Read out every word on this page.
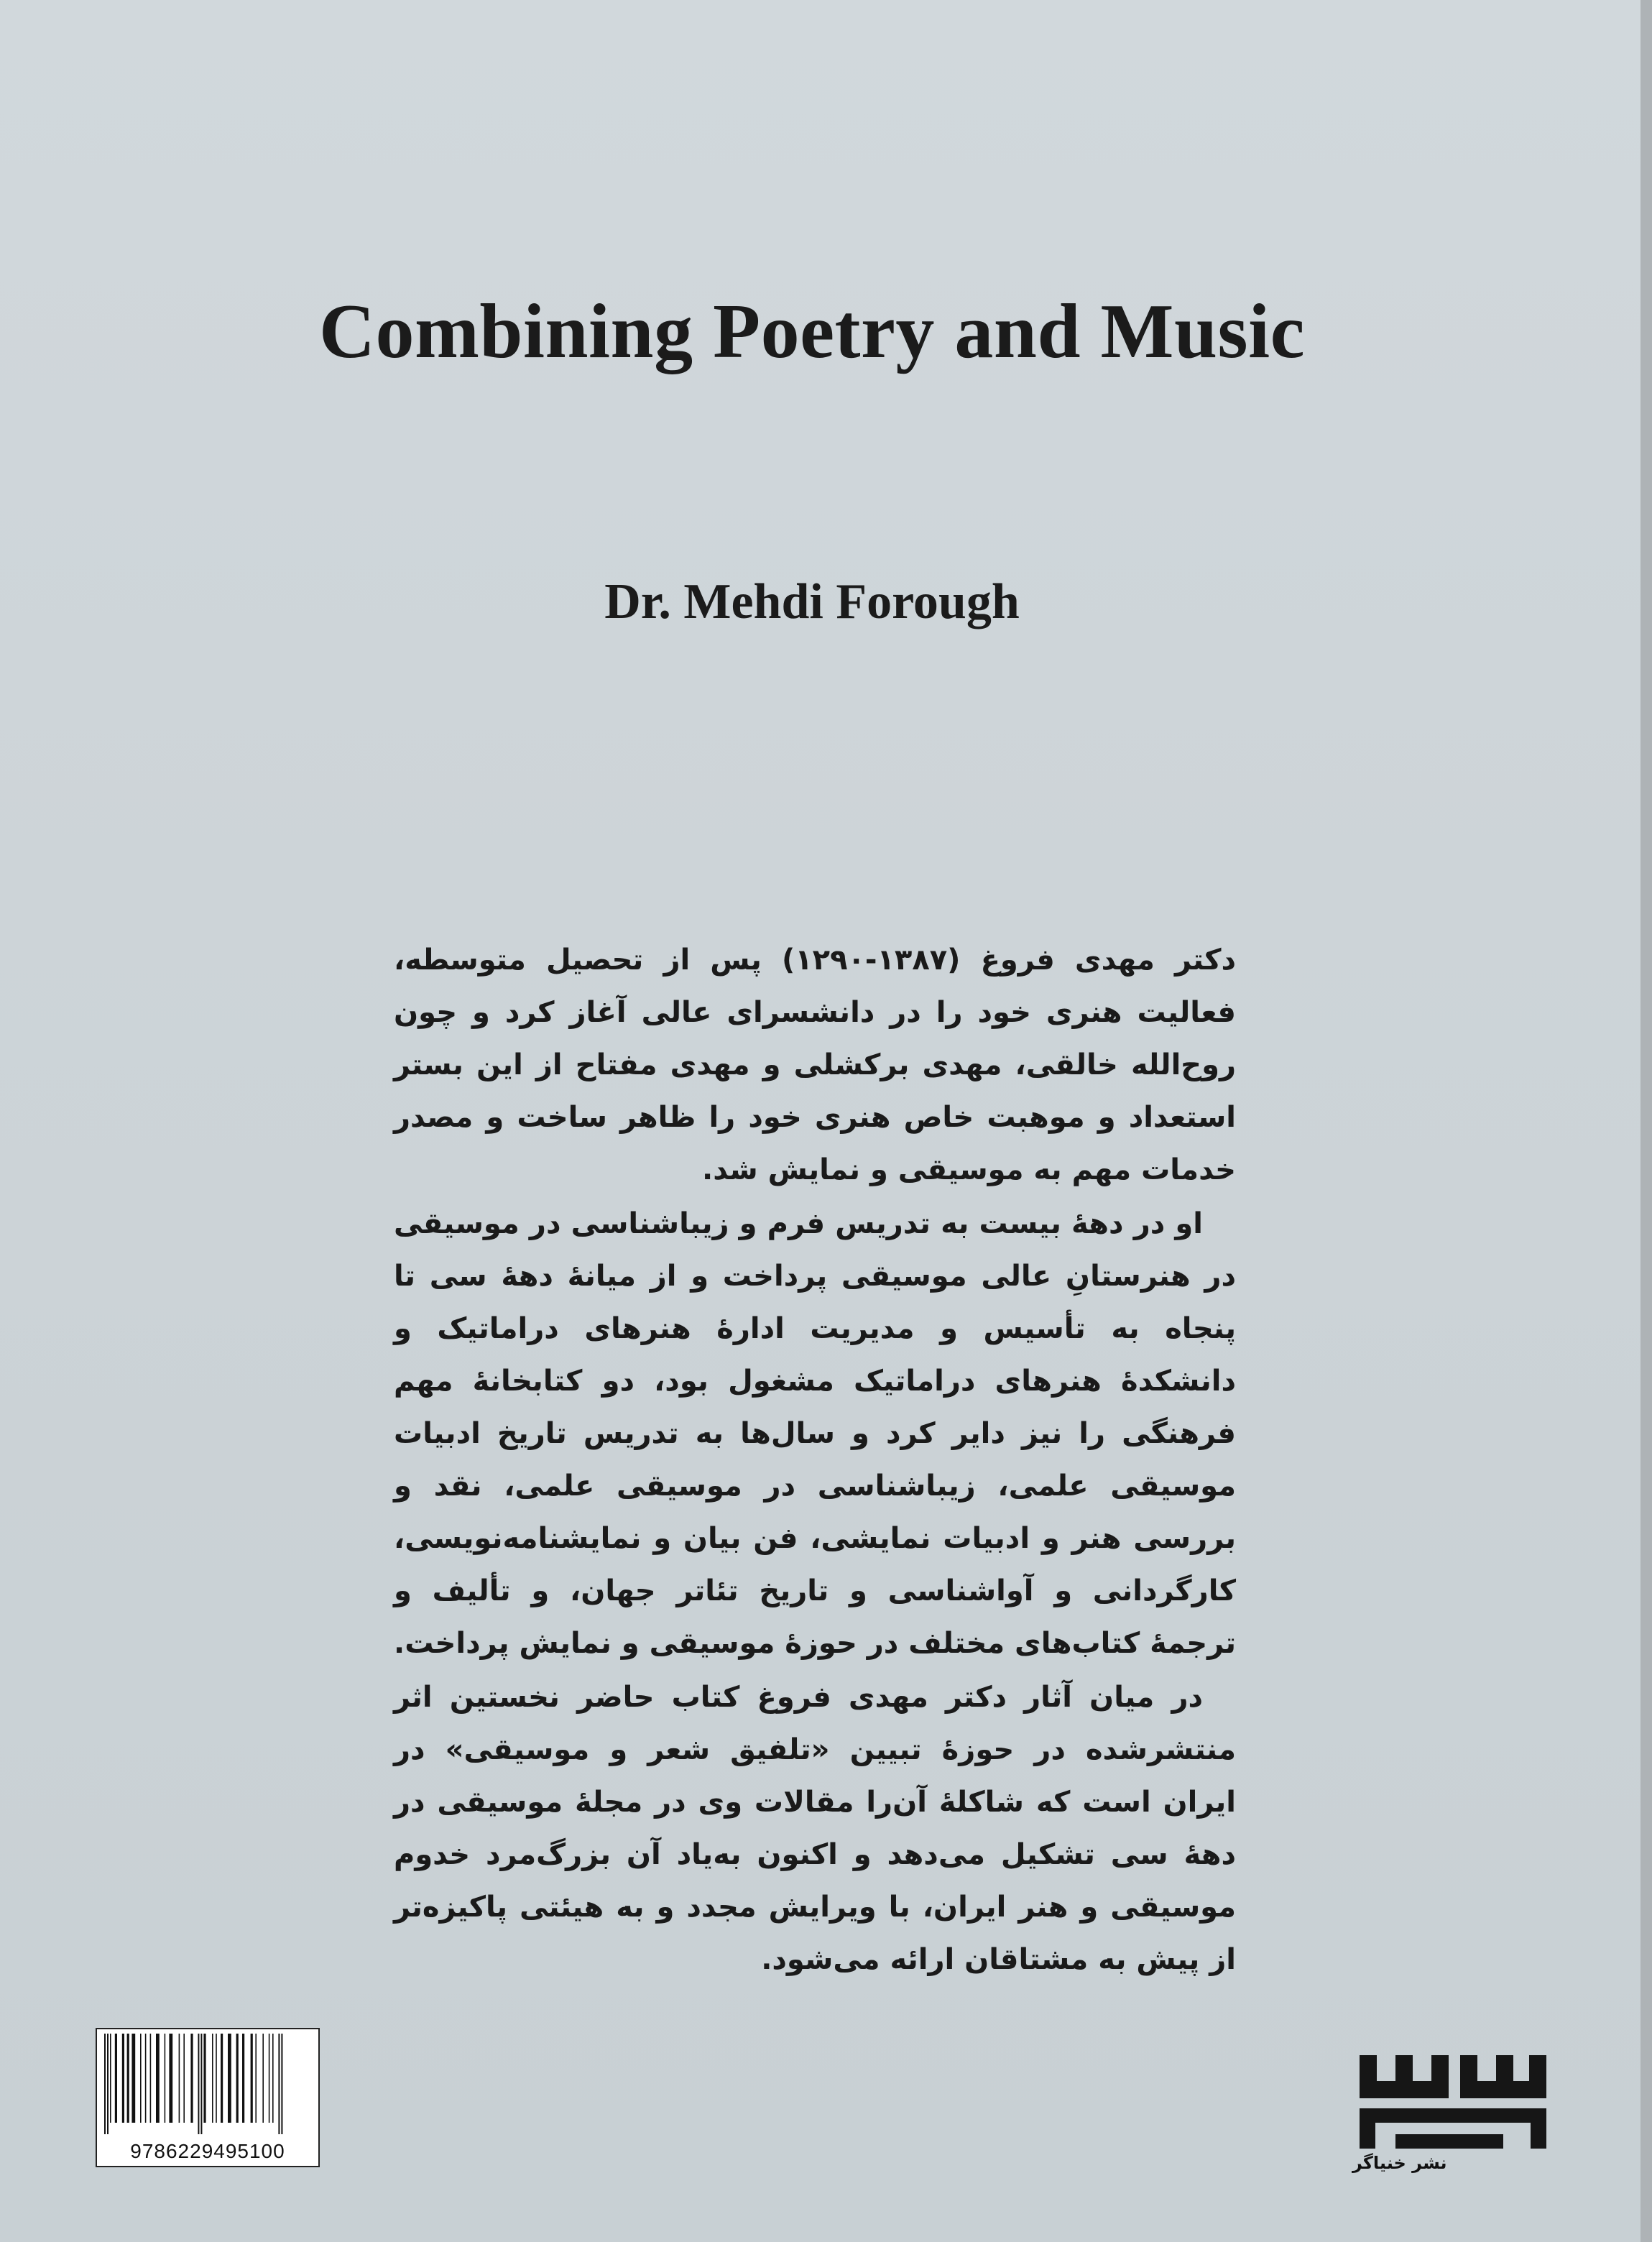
Combining Poetry and Music
Dr. Mehdi Forough

دکتر مهدی فروغ (۱۳۸۷-۱۲۹۰) پس از تحصیل متوسطه، فعالیت هنری خود را در دانشسرای عالی آغاز کرد و چون روح‌الله خالقی، مهدی برکشلی و مهدی مفتاح از این بستر استعداد و موهبت خاص هنری خود را ظاهر ساخت و مصدر خدمات مهم به موسیقی و نمایش شد.

او در دهۀ بیست به تدریس فرم و زیباشناسی در موسیقی در هنرستانِ عالی موسیقی پرداخت و از میانۀ دهۀ سی تا پنجاه به تأسیس و مدیریت ادارۀ هنرهای دراماتیک و دانشکدۀ هنرهای دراماتیک مشغول بود، دو کتابخانۀ مهم فرهنگی را نیز دایر کرد و سال‌ها به تدریس تاریخ ادبیات موسیقی علمی، زیباشناسی در موسیقی علمی، نقد و بررسی هنر و ادبیات نمایشی، فن بیان و نمایشنامه‌نویسی، کارگردانی و آواشناسی و تاریخ تئاتر جهان، و تألیف و ترجمۀ کتاب‌های مختلف در حوزۀ موسیقی و نمایش پرداخت.

در میان آثار دکتر مهدی فروغ کتاب حاضر نخستین اثر منتشرشده در حوزۀ تبیین «تلفیق شعر و موسیقی» در ایران است که شاکلۀ آن‌را مقالات وی در مجلۀ موسیقی در دهۀ سی تشکیل می‌دهد و اکنون به‌یاد آن بزرگ‌مرد خدوم موسیقی و هنر ایران، با ویرایش مجدد و به هیئتی پاکیزه‌تر از پیش به مشتاقان ارائه می‌شود.

9786229495100
نشر خنیاگر
